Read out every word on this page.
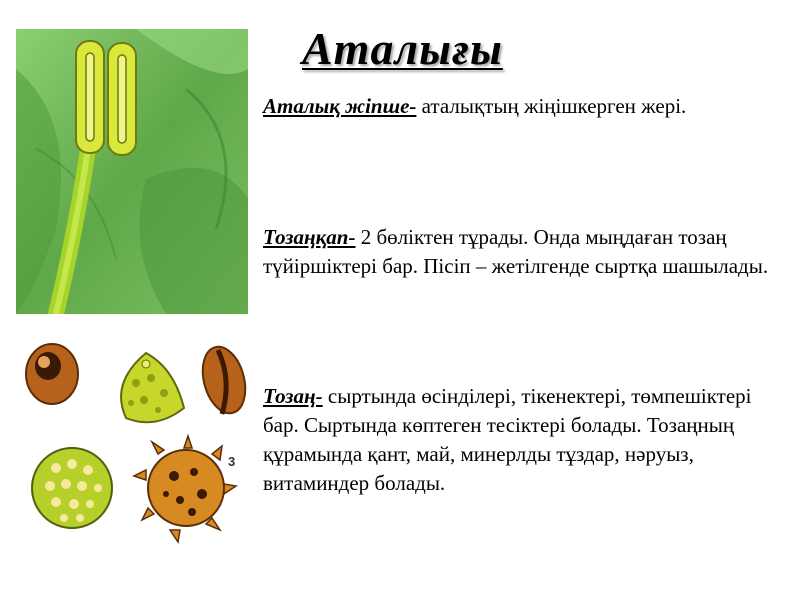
Аталығы
3

Аталық жіпше- аталықтың жіңішкерген жері.

Тозаңқап- 2 бөліктен тұрады. Онда мыңдаған тозаң түйіршіктері бар. Пісіп – жетілгенде сыртқа шашылады.

Тозаң- сыртында өсінділері, тікенектері, төмпешіктері бар. Сыртында көптеген тесіктері болады. Тозаңның құрамында қант, май, минерлды тұздар, нәруыз, витаминдер болады.
